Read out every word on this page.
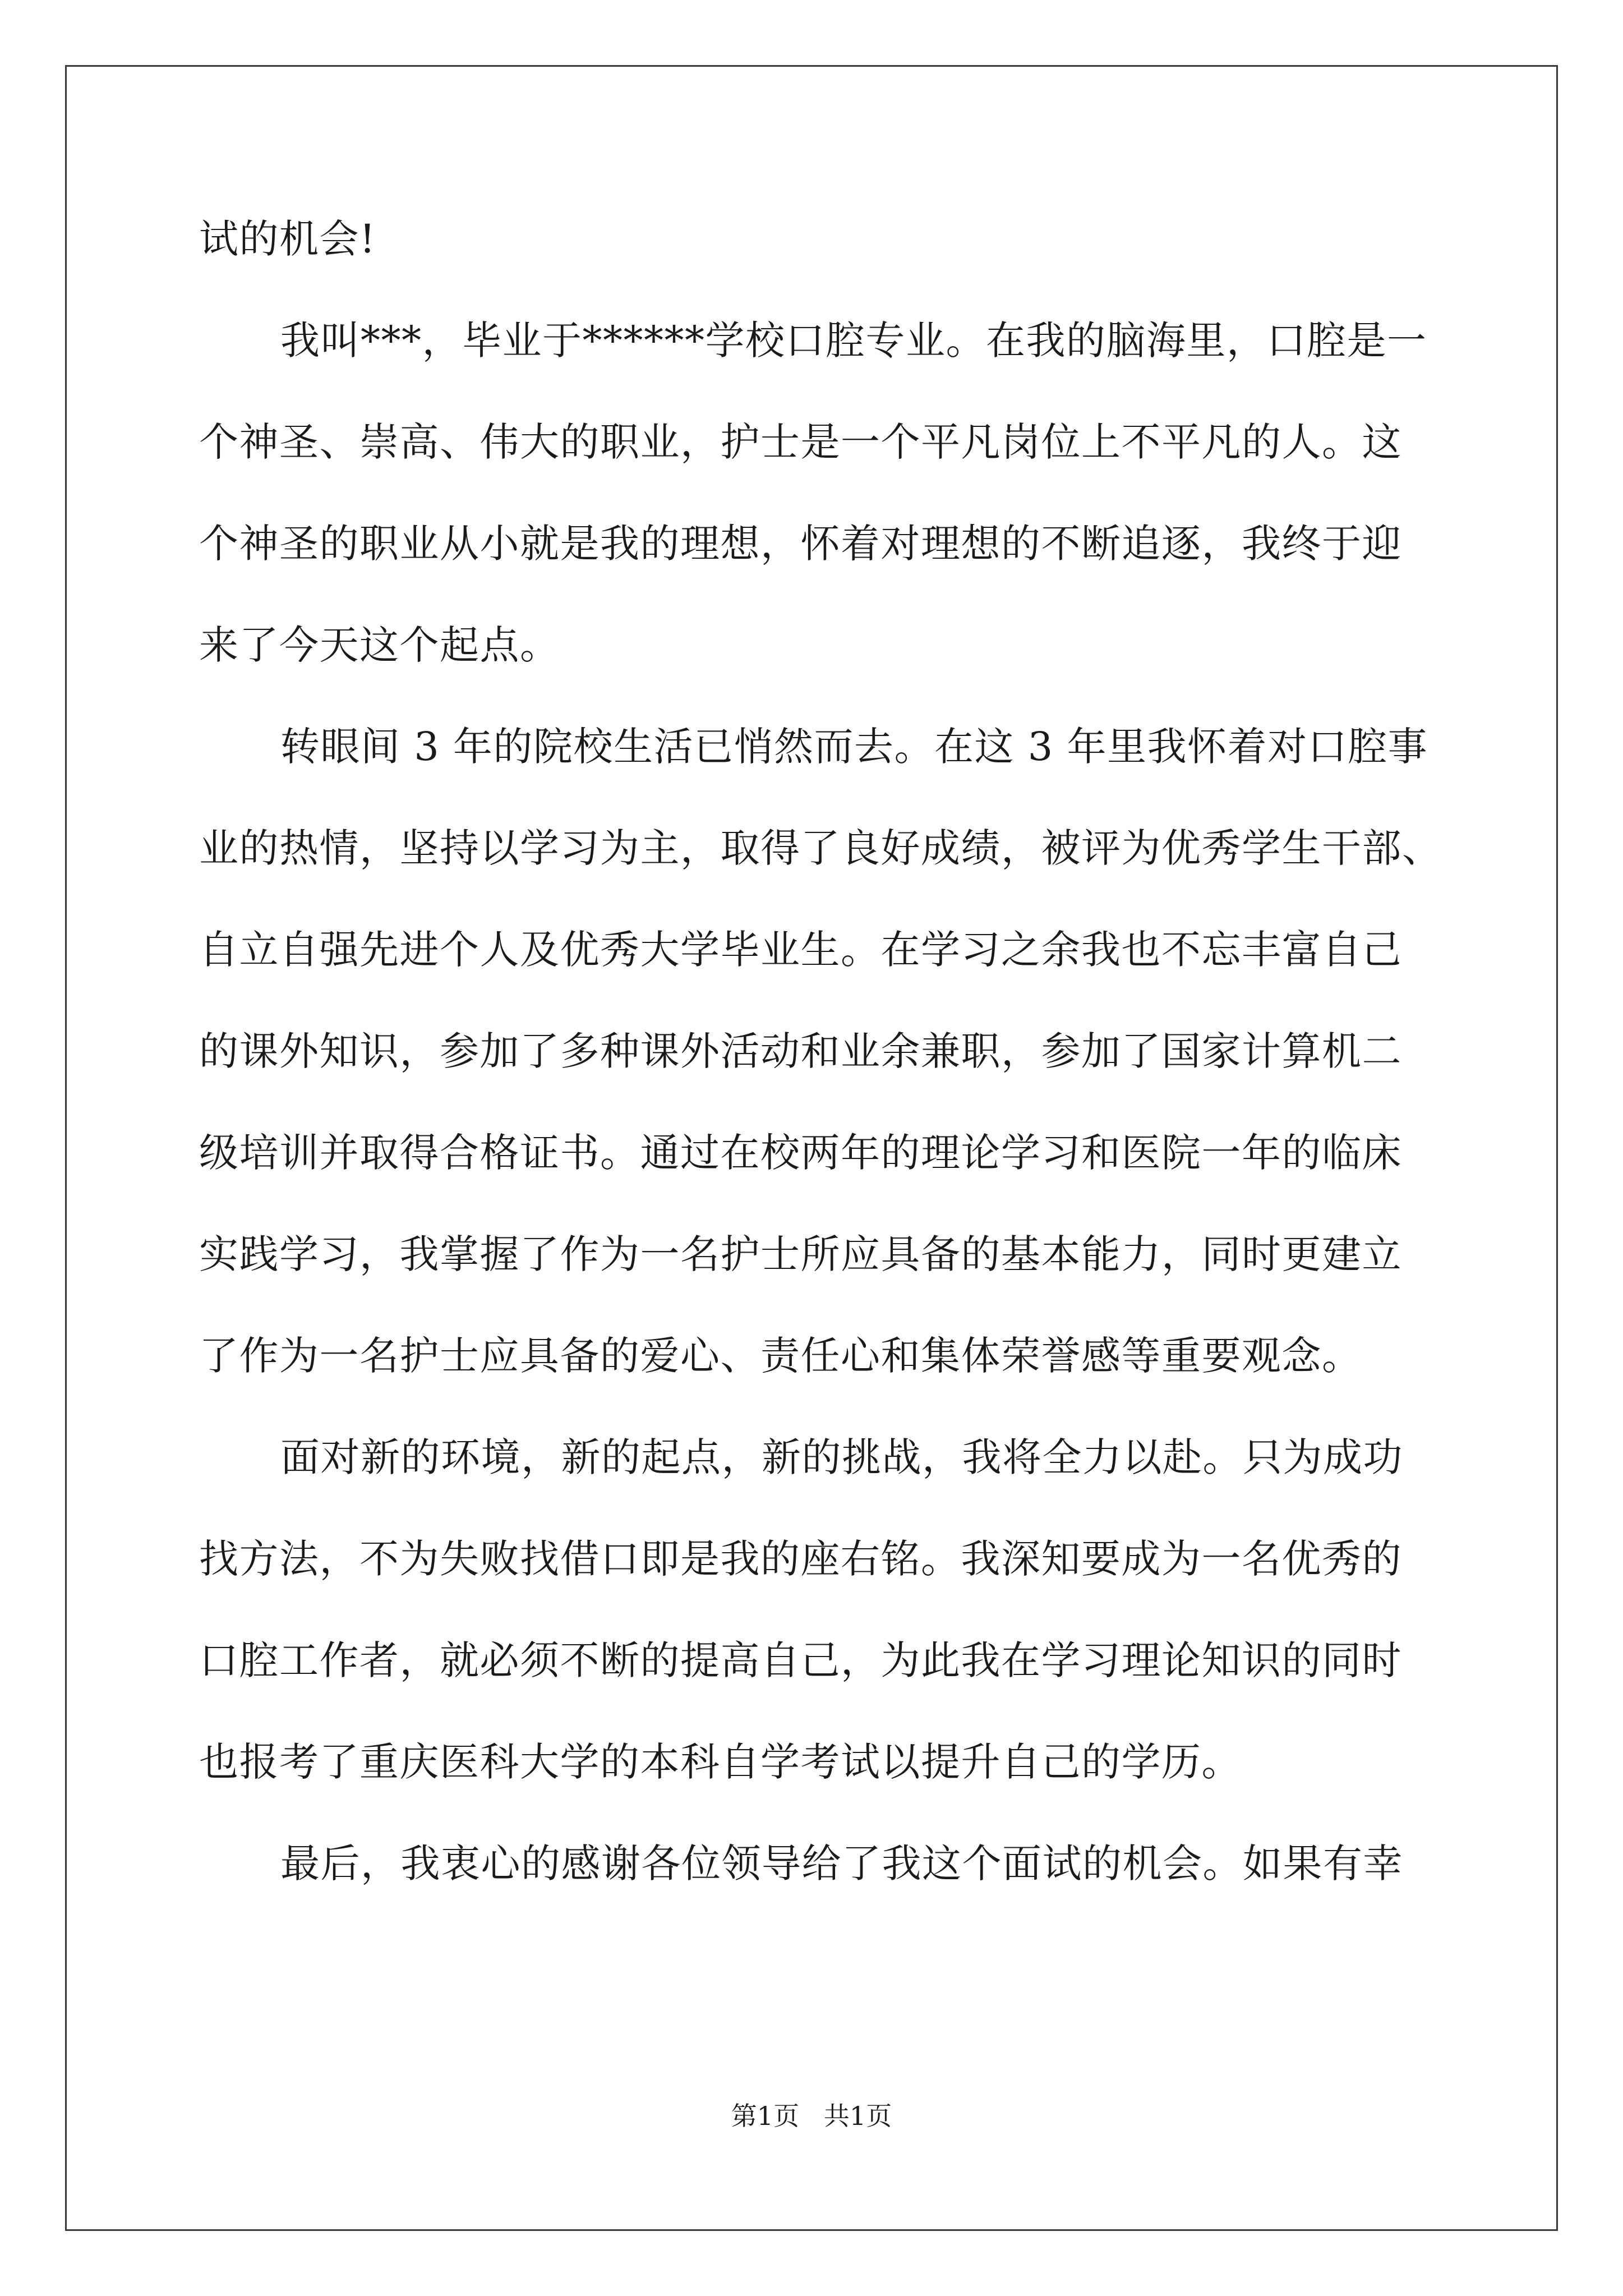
试的机会!
我叫***，毕业于******学校口腔专业。在我的脑海里，口腔是一
个神圣、崇高、伟大的职业，护士是一个平凡岗位上不平凡的人。这
个神圣的职业从小就是我的理想，怀着对理想的不断追逐，我终于迎
来了今天这个起点。
转眼间 3 年的院校生活已悄然而去。在这 3 年里我怀着对口腔事
业的热情，坚持以学习为主，取得了良好成绩，被评为优秀学生干部、
自立自强先进个人及优秀大学毕业生。在学习之余我也不忘丰富自己
的课外知识，参加了多种课外活动和业余兼职，参加了国家计算机二
级培训并取得合格证书。通过在校两年的理论学习和医院一年的临床
实践学习，我掌握了作为一名护士所应具备的基本能力，同时更建立
了作为一名护士应具备的爱心、责任心和集体荣誉感等重要观念。
面对新的环境，新的起点，新的挑战，我将全力以赴。只为成功
找方法，不为失败找借口即是我的座右铭。我深知要成为一名优秀的
口腔工作者，就必须不断的提高自己，为此我在学习理论知识的同时
也报考了重庆医科大学的本科自学考试以提升自己的学历。
最后，我衷心的感谢各位领导给了我这个面试的机会。如果有幸
第1页   共1页
